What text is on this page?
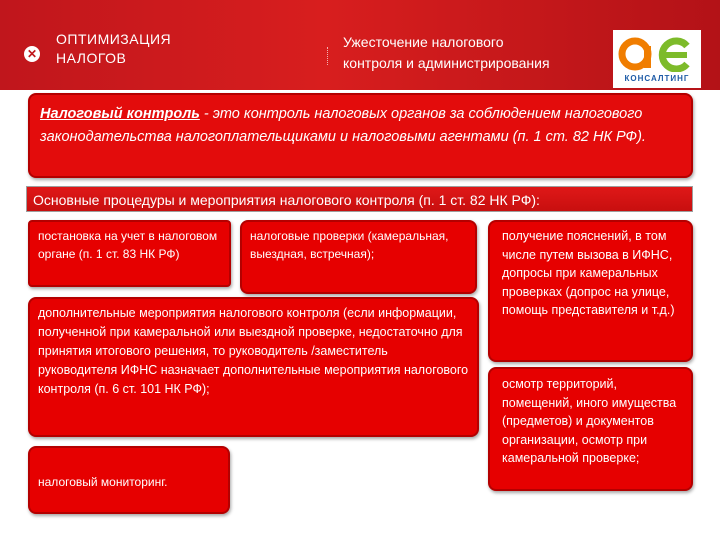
✕
ОПТИМИЗАЦИЯ
НАЛОГОВ
Ужесточение налогового
контроля и администрирования
КОНСАЛТИНГ
Налоговый контроль - это контроль налоговых органов за соблюдением налогового законодательства налогоплательщиками и налоговыми агентами (п. 1 ст. 82 НК РФ).
Основные процедуры и мероприятия налогового контроля (п. 1 ст. 82 НК РФ):
постановка на учет в налоговом органе (п. 1 ст. 83 НК РФ)
налоговые проверки (камеральная, выездная, встречная);
дополнительные мероприятия налогового контроля (если информации, полученной при камеральной или выездной проверке, недостаточно для принятия итогового решения, то руководитель /заместитель руководителя ИФНС назначает дополнительные мероприятия налогового контроля (п. 6 ст. 101 НК РФ);
налоговый мониторинг.
получение пояснений, в том числе путем вызова в ИФНС, допросы при камеральных проверках (допрос на улице, помощь представителя и т.д.)
осмотр территорий, помещений, иного имущества (предметов) и документов организации, осмотр при камеральной проверке;
